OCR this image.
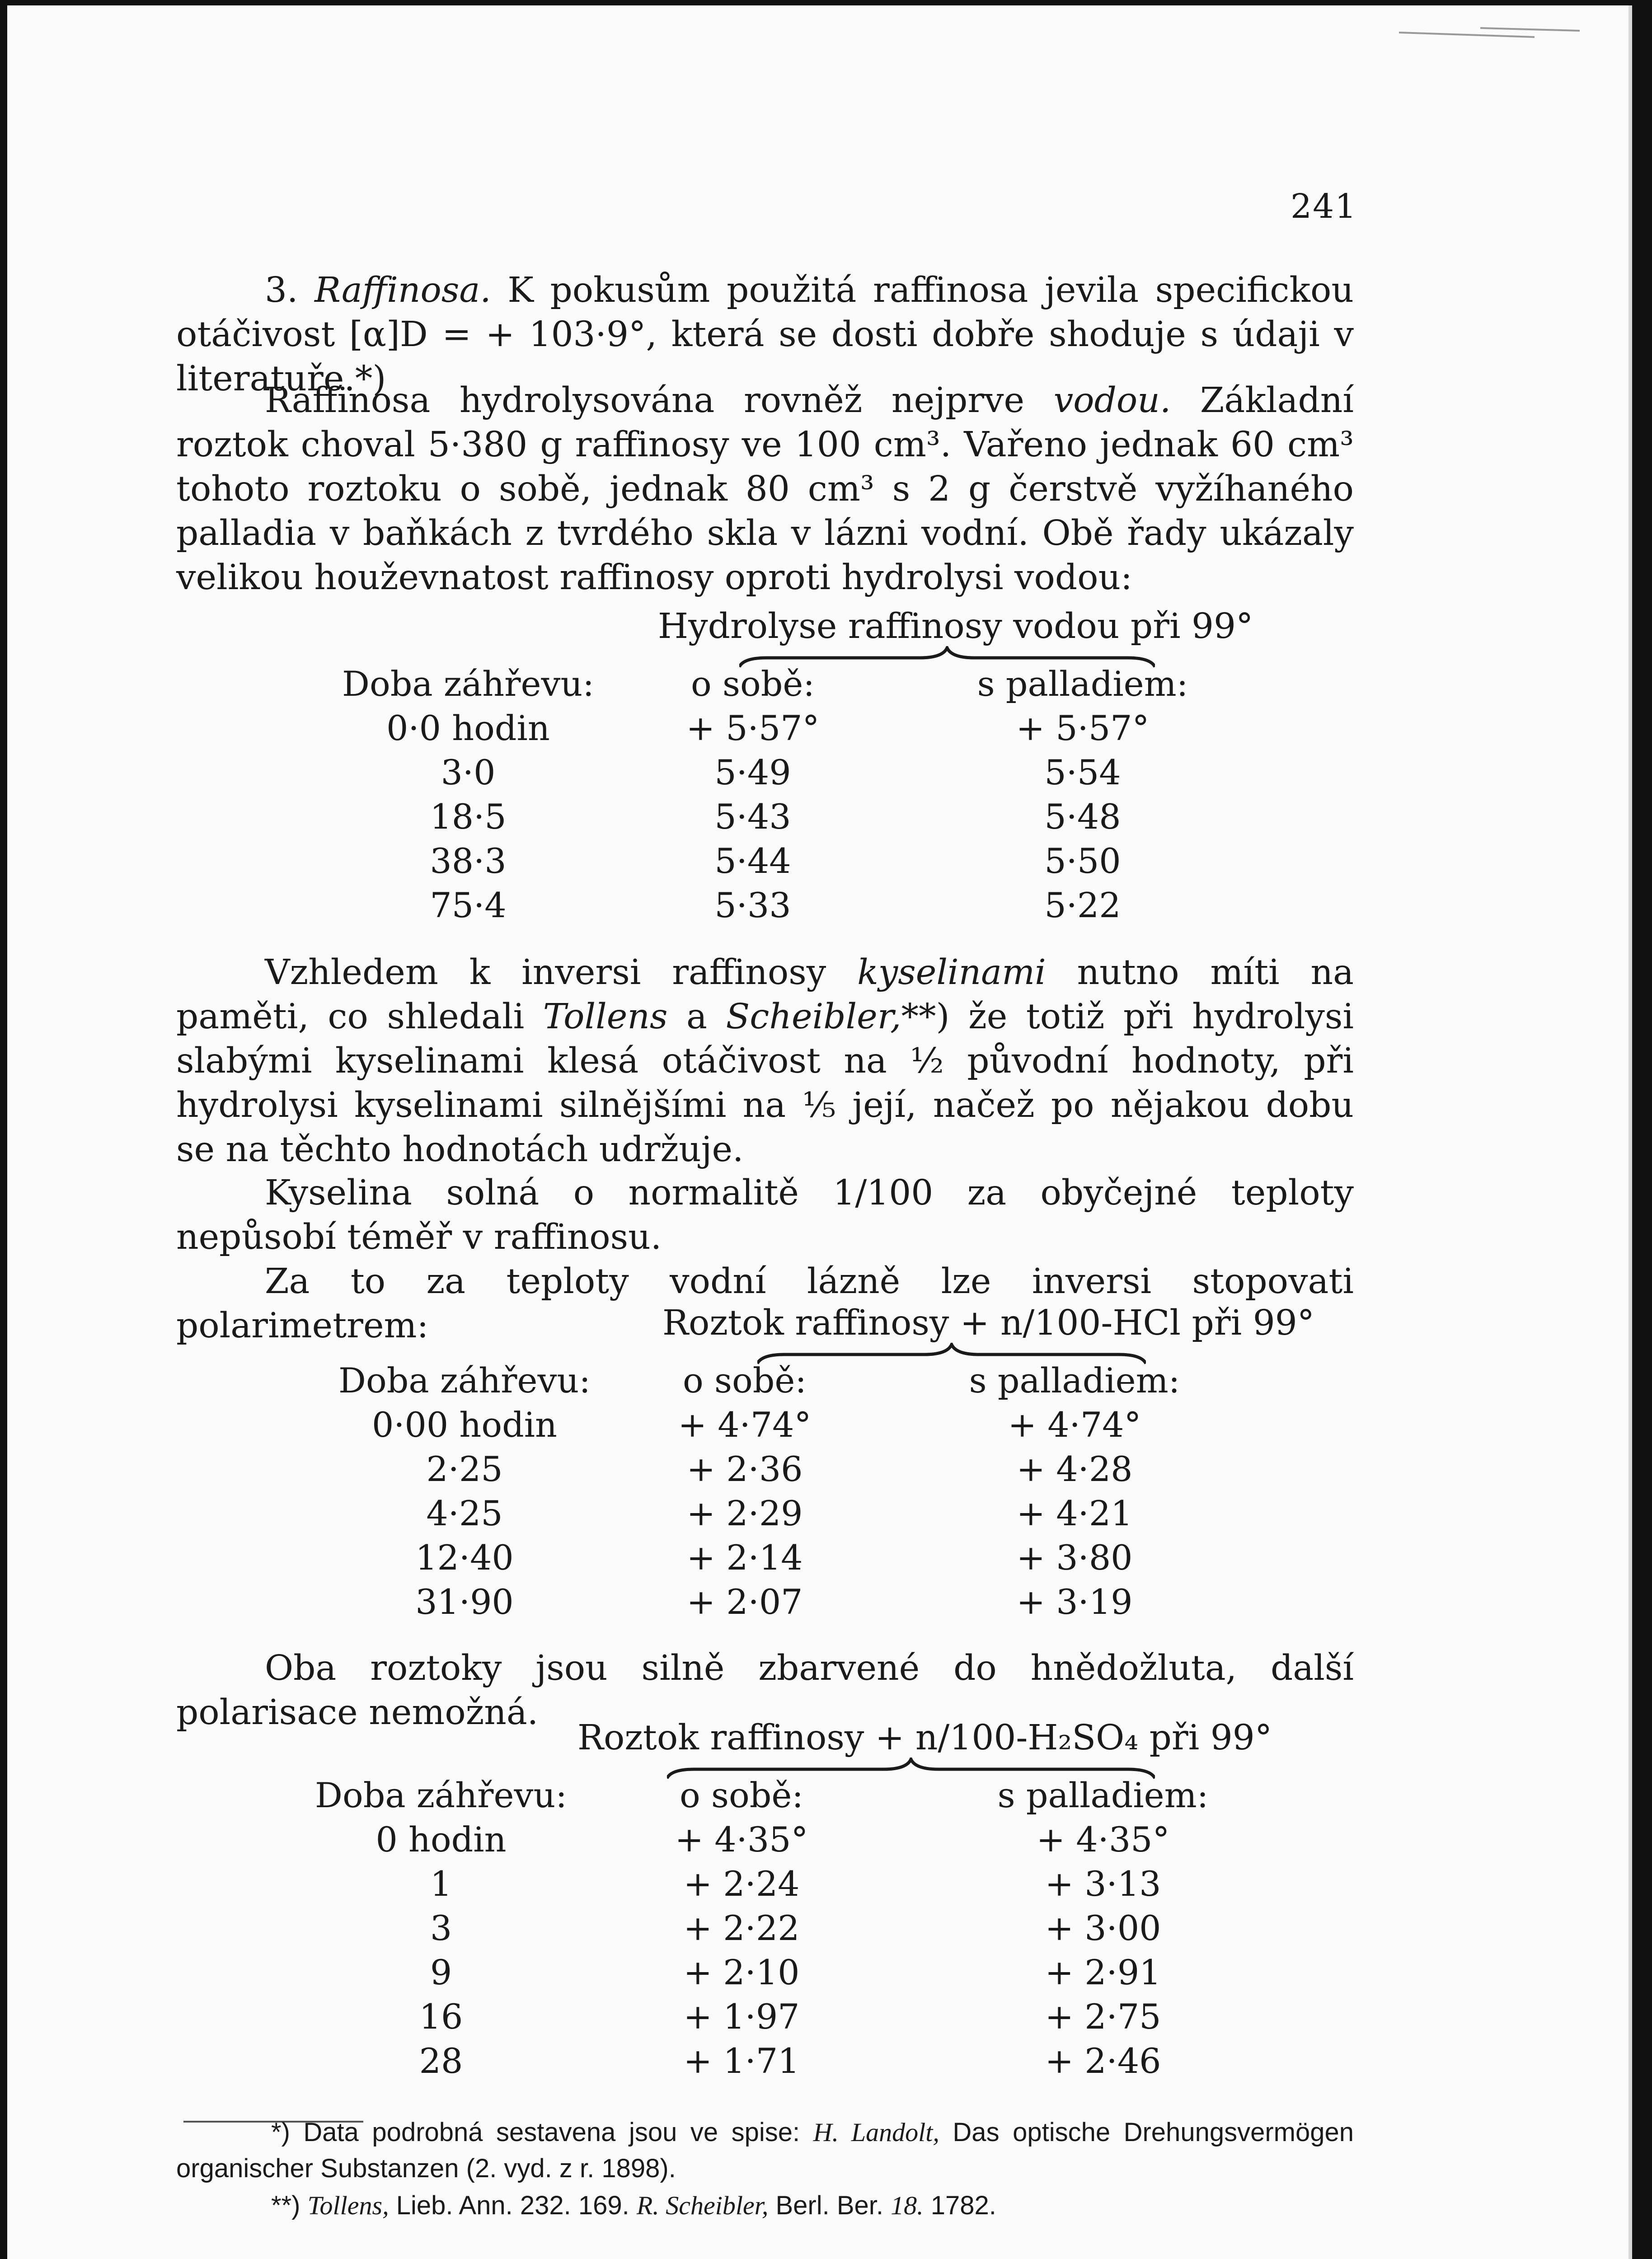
241

3. Raffinosa. K pokusům použitá raffinosa jevila specifickou otáčivost [α]D = + 103·9°, která se dosti dobře shoduje s údaji v literatuře.*)

Raffinosa hydrolysována rovněž nejprve vodou. Základní roztok choval 5·380 g raffinosy ve 100 cm³. Vařeno jednak 60 cm³ tohoto roztoku o sobě, jednak 80 cm³ s 2 g čerstvě vyžíhaného palladia v baňkách z tvrdého skla v lázni vodní. Obě řady ukázaly velikou houževnatost raffinosy oproti hydrolysi vodou:

Hydrolyse raffinosy vodou při 99°
Doba záhřevu:	o sobě:	s palladiem:
0·0 hodin	+ 5·57°	+ 5·57°
3·0	5·49	5·54
18·5	5·43	5·48
38·3	5·44	5·50
75·4	5·33	5·22

Vzhledem k inversi raffinosy kyselinami nutno míti na paměti, co shledali Tollens a Scheibler,**) že totiž při hydrolysi slabými kyselinami klesá otáčivost na ½ původní hodnoty, při hydrolysi kyselinami silnějšími na ⅕ její, načež po nějakou dobu se na těchto hodnotách udržuje.

Kyselina solná o normalitě 1/100 za obyčejné teploty nepůsobí téměř v raffinosu.

Za to za teploty vodní lázně lze inversi stopovati polarimetrem:	Roztok raffinosy + n/100-HCl při 99°
Doba záhřevu:	o sobě:	s palladiem:
0·00 hodin	+ 4·74°	+ 4·74°
2·25	+ 2·36	+ 4·28
4·25	+ 2·29	+ 4·21
12·40	+ 2·14	+ 3·80
31·90	+ 2·07	+ 3·19

Oba roztoky jsou silně zbarvené do hnědožluta, další polarisace nemožná.

Roztok raffinosy + n/100-H₂SO₄ při 99°
Doba záhřevu:	o sobě:	s palladiem:
0 hodin	+ 4·35°	+ 4·35°
1	+ 2·24	+ 3·13
3	+ 2·22	+ 3·00
9	+ 2·10	+ 2·91
16	+ 1·97	+ 2·75
28	+ 1·71	+ 2·46

*) Data podrobná sestavena jsou ve spise: H. Landolt, Das optische Drehungsvermögen organischer Substanzen (2. vyd. z r. 1898).

**) Tollens, Lieb. Ann. 232. 169. R. Scheibler, Berl. Ber. 18. 1782.
